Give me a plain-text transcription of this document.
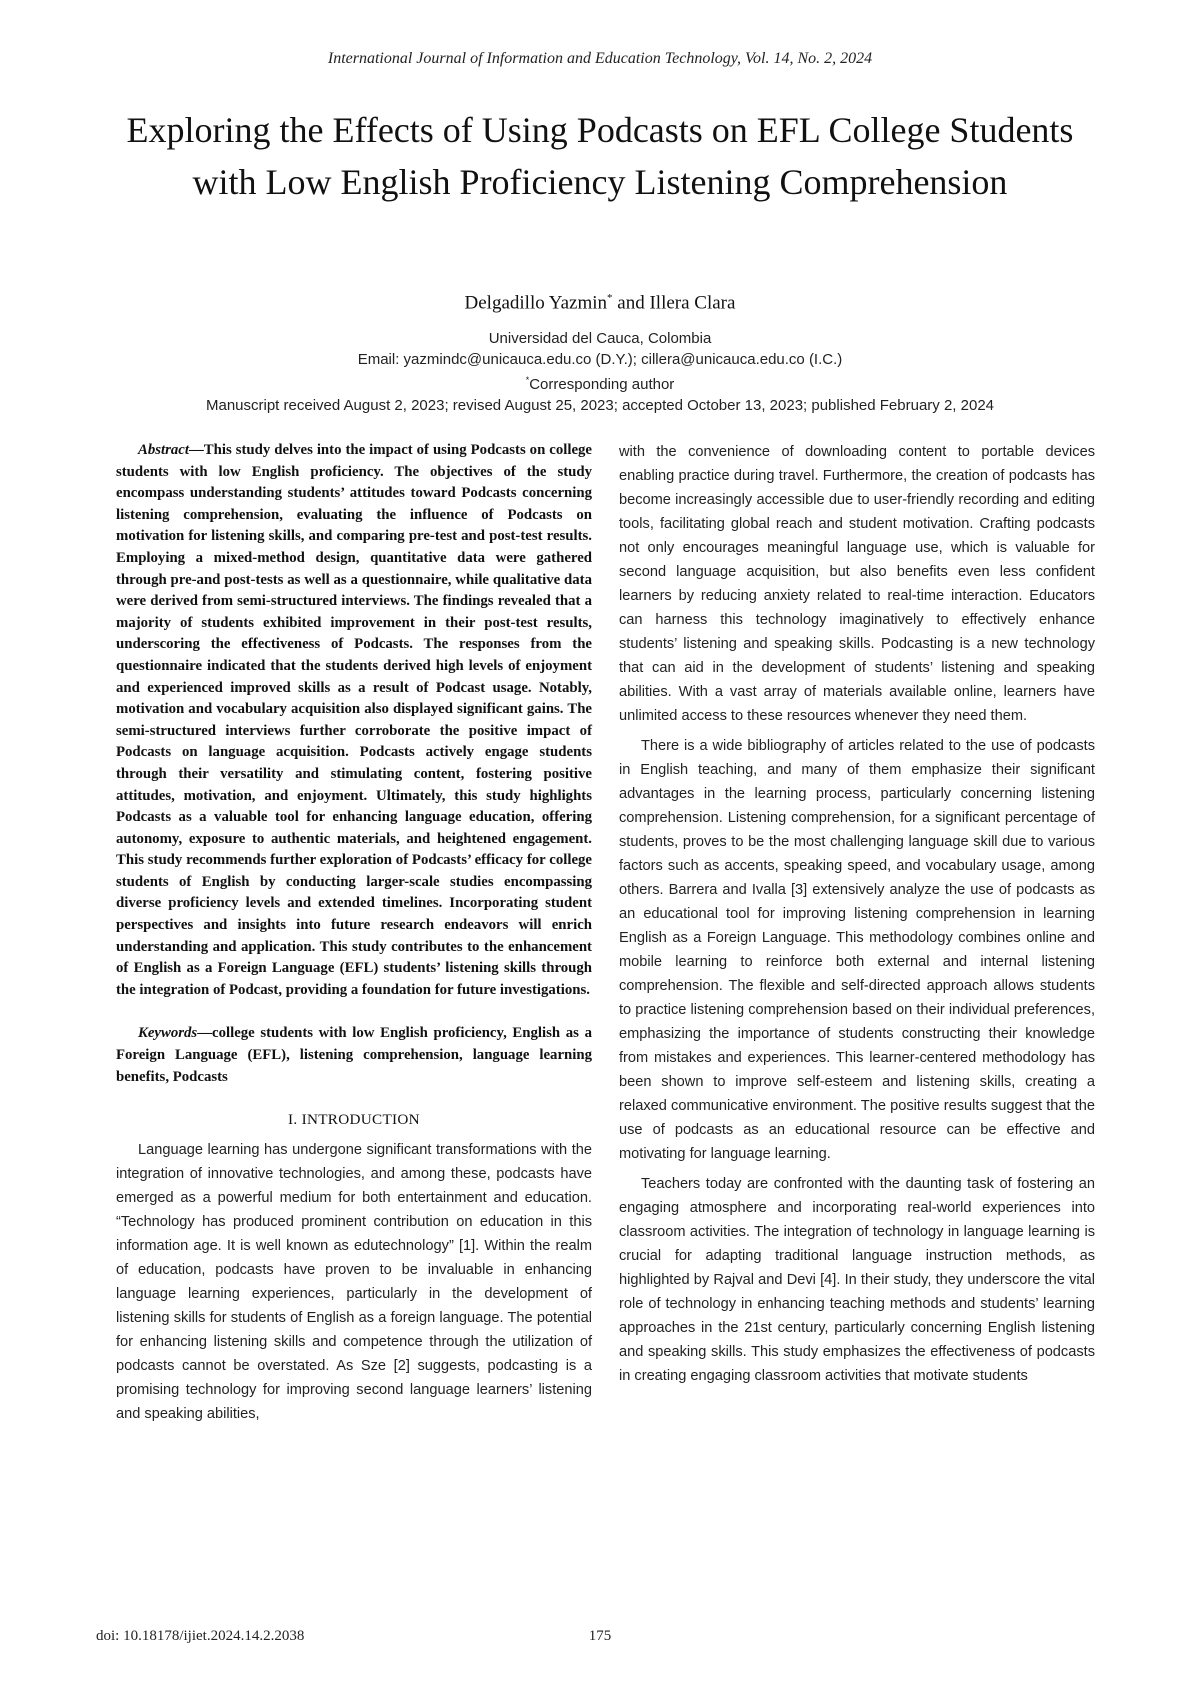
International Journal of Information and Education Technology, Vol. 14, No. 2, 2024
Exploring the Effects of Using Podcasts on EFL College Students with Low English Proficiency Listening Comprehension
Delgadillo Yazmin* and Illera Clara
Universidad del Cauca, Colombia
Email: yazmindc@unicauca.edu.co (D.Y.); cillera@unicauca.edu.co (I.C.)
*Corresponding author
Manuscript received August 2, 2023; revised August 25, 2023; accepted October 13, 2023; published February 2, 2024

Abstract—This study delves into the impact of using Podcasts on college students with low English proficiency. The objectives of the study encompass understanding students’ attitudes toward Podcasts concerning listening comprehension, evaluating the influence of Podcasts on motivation for listening skills, and comparing pre-test and post-test results. Employing a mixed-method design, quantitative data were gathered through pre-and post-tests as well as a questionnaire, while qualitative data were derived from semi-structured interviews. The findings revealed that a majority of students exhibited improvement in their post-test results, underscoring the effectiveness of Podcasts. The responses from the questionnaire indicated that the students derived high levels of enjoyment and experienced improved skills as a result of Podcast usage. Notably, motivation and vocabulary acquisition also displayed significant gains. The semi-structured interviews further corroborate the positive impact of Podcasts on language acquisition. Podcasts actively engage students through their versatility and stimulating content, fostering positive attitudes, motivation, and enjoyment. Ultimately, this study highlights Podcasts as a valuable tool for enhancing language education, offering autonomy, exposure to authentic materials, and heightened engagement. This study recommends further exploration of Podcasts’ efficacy for college students of English by conducting larger-scale studies encompassing diverse proficiency levels and extended timelines. Incorporating student perspectives and insights into future research endeavors will enrich understanding and application. This study contributes to the enhancement of English as a Foreign Language (EFL) students’ listening skills through the integration of Podcast, providing a foundation for future investigations.

Keywords—college students with low English proficiency, English as a Foreign Language (EFL), listening comprehension, language learning benefits, Podcasts

I. INTRODUCTION

Language learning has undergone significant transformations with the integration of innovative technologies, and among these, podcasts have emerged as a powerful medium for both entertainment and education. “Technology has produced prominent contribution on education in this information age. It is well known as edutechnology” [1]. Within the realm of education, podcasts have proven to be invaluable in enhancing language learning experiences, particularly in the development of listening skills for students of English as a foreign language. The potential for enhancing listening skills and competence through the utilization of podcasts cannot be overstated. As Sze [2] suggests, podcasting is a promising technology for improving second language learners’ listening and speaking abilities,

with the convenience of downloading content to portable devices enabling practice during travel. Furthermore, the creation of podcasts has become increasingly accessible due to user-friendly recording and editing tools, facilitating global reach and student motivation. Crafting podcasts not only encourages meaningful language use, which is valuable for second language acquisition, but also benefits even less confident learners by reducing anxiety related to real-time interaction. Educators can harness this technology imaginatively to effectively enhance students’ listening and speaking skills. Podcasting is a new technology that can aid in the development of students’ listening and speaking abilities. With a vast array of materials available online, learners have unlimited access to these resources whenever they need them.

There is a wide bibliography of articles related to the use of podcasts in English teaching, and many of them emphasize their significant advantages in the learning process, particularly concerning listening comprehension. Listening comprehension, for a significant percentage of students, proves to be the most challenging language skill due to various factors such as accents, speaking speed, and vocabulary usage, among others. Barrera and Ivalla [3] extensively analyze the use of podcasts as an educational tool for improving listening comprehension in learning English as a Foreign Language. This methodology combines online and mobile learning to reinforce both external and internal listening comprehension. The flexible and self-directed approach allows students to practice listening comprehension based on their individual preferences, emphasizing the importance of students constructing their knowledge from mistakes and experiences. This learner-centered methodology has been shown to improve self-esteem and listening skills, creating a relaxed communicative environment. The positive results suggest that the use of podcasts as an educational resource can be effective and motivating for language learning.

Teachers today are confronted with the daunting task of fostering an engaging atmosphere and incorporating real-world experiences into classroom activities. The integration of technology in language learning is crucial for adapting traditional language instruction methods, as highlighted by Rajval and Devi [4]. In their study, they underscore the vital role of technology in enhancing teaching methods and students’ learning approaches in the 21st century, particularly concerning English listening and speaking skills. This study emphasizes the effectiveness of podcasts in creating engaging classroom activities that motivate students

doi: 10.18178/ijiet.2024.14.2.2038	175
